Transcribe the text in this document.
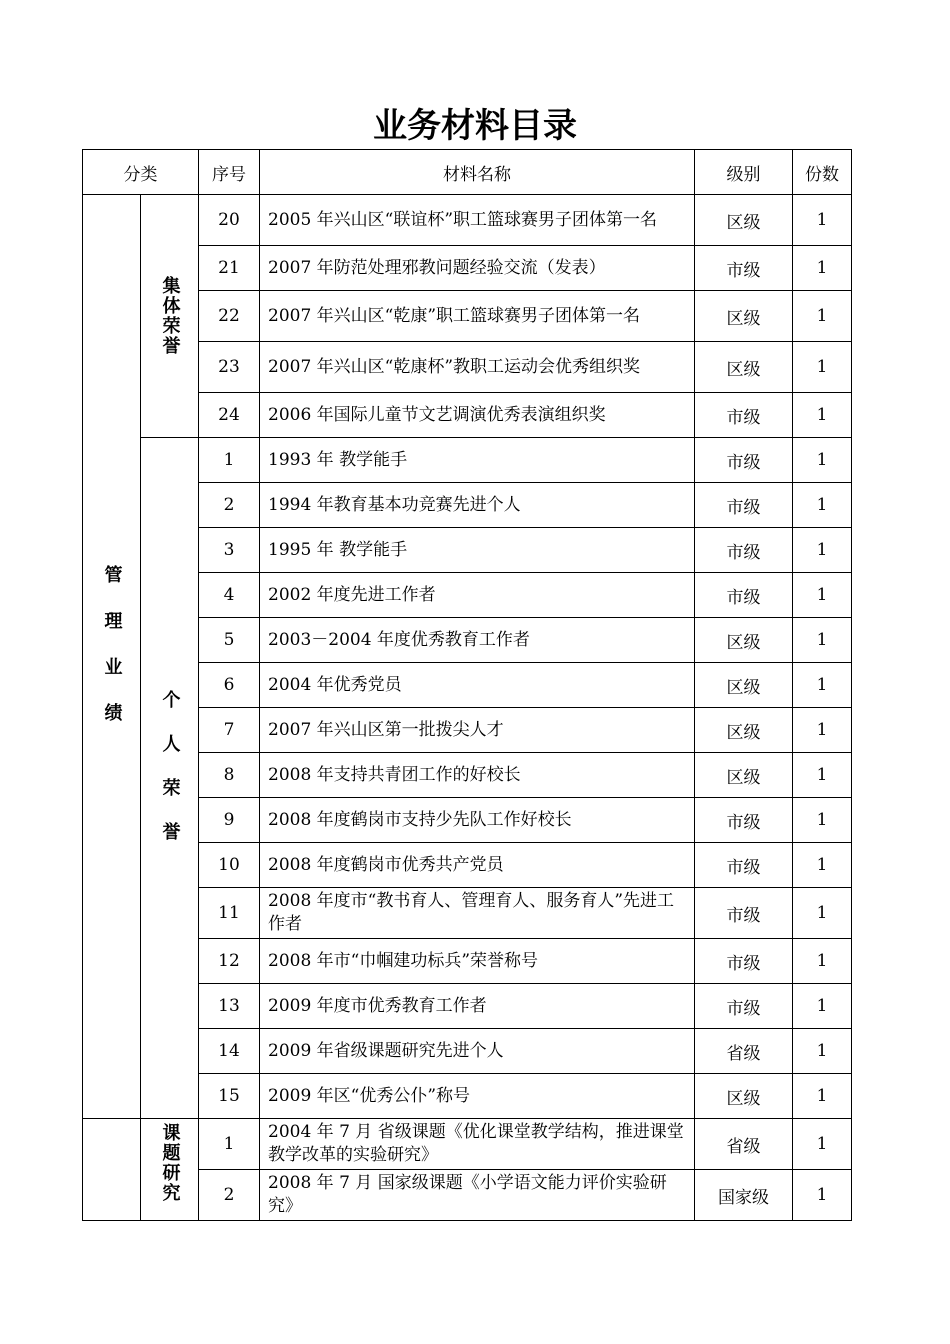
业务材料目录
分类		序号	材料名称	级别	份数

管理业绩	集体荣誉	20	2005 年兴山区“联谊杯”职工篮球赛男子团体第一名	区级	1
		21	2007 年防范处理邪教问题经验交流（发表）	市级	1
		22	2007 年兴山区“乾康”职工篮球赛男子团体第一名	区级	1
		23	2007 年兴山区“乾康杯”教职工运动会优秀组织奖	区级	1
		24	2006 年国际儿童节文艺调演优秀表演组织奖	市级	1

	个人荣誉	1	1993 年 教学能手	市级	1
		2	1994 年教育基本功竞赛先进个人	市级	1
		3	1995 年 教学能手	市级	1
		4	2002 年度先进工作者	市级	1
		5	2003－2004 年度优秀教育工作者	区级	1
		6	2004 年优秀党员	区级	1
		7	2007 年兴山区第一批拨尖人才	区级	1
		8	2008 年支持共青团工作的好校长	区级	1
		9	2008 年度鹤岗市支持少先队工作好校长	市级	1
		10	2008 年度鹤岗市优秀共产党员	市级	1
		11	2008 年度市“教书育人、管理育人、服务育人”先进工作者	市级	1
		12	2008 年市“巾帼建功标兵”荣誉称号	市级	1
		13	2009 年度市优秀教育工作者	市级	1
		14	2009 年省级课题研究先进个人	省级	1
		15	2009 年区“优秀公仆”称号	区级	1

	课题研究	1	2004 年 7 月 省级课题《优化课堂教学结构，推进课堂教学改革的实验研究》	省级	1
		2	2008 年 7 月 国家级课题《小学语文能力评价实验研究》	国家级	1
